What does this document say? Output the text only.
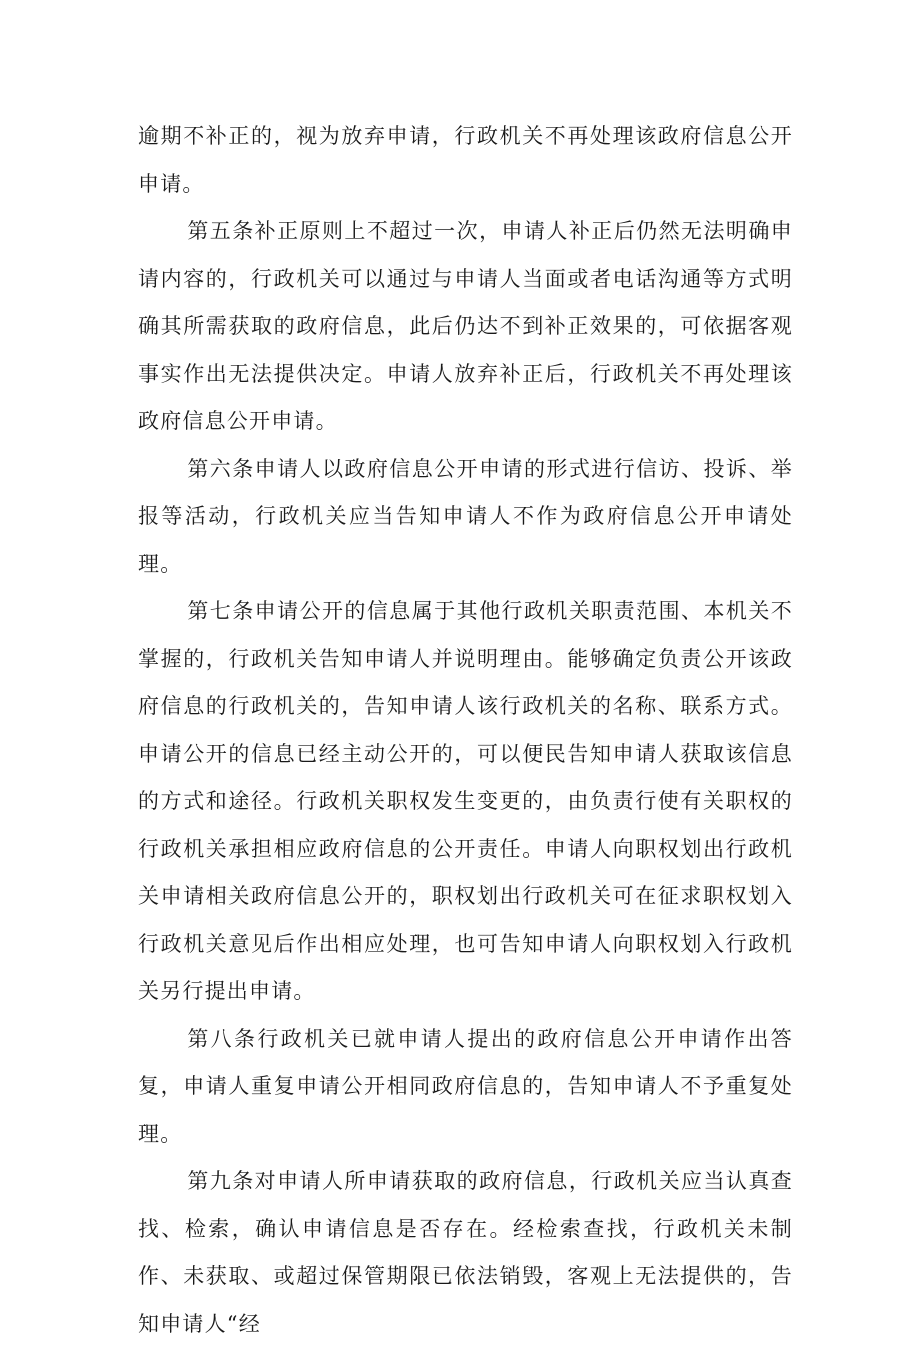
逾期不补正的，视为放弃申请，行政机关不再处理该政府信息公开申请。

第五条补正原则上不超过一次，申请人补正后仍然无法明确申请内容的，行政机关可以通过与申请人当面或者电话沟通等方式明确其所需获取的政府信息，此后仍达不到补正效果的，可依据客观事实作出无法提供决定。申请人放弃补正后，行政机关不再处理该政府信息公开申请。

第六条申请人以政府信息公开申请的形式进行信访、投诉、举报等活动，行政机关应当告知申请人不作为政府信息公开申请处理。

第七条申请公开的信息属于其他行政机关职责范围、本机关不掌握的，行政机关告知申请人并说明理由。能够确定负责公开该政府信息的行政机关的，告知申请人该行政机关的名称、联系方式。申请公开的信息已经主动公开的，可以便民告知申请人获取该信息的方式和途径。行政机关职权发生变更的，由负责行使有关职权的行政机关承担相应政府信息的公开责任。申请人向职权划出行政机关申请相关政府信息公开的，职权划出行政机关可在征求职权划入行政机关意见后作出相应处理，也可告知申请人向职权划入行政机关另行提出申请。

第八条行政机关已就申请人提出的政府信息公开申请作出答复，申请人重复申请公开相同政府信息的，告知申请人不予重复处理。

第九条对申请人所申请获取的政府信息，行政机关应当认真查找、检索，确认申请信息是否存在。经检索查找，行政机关未制作、未获取、或超过保管期限已依法销毁，客观上无法提供的，告知申请人“经
